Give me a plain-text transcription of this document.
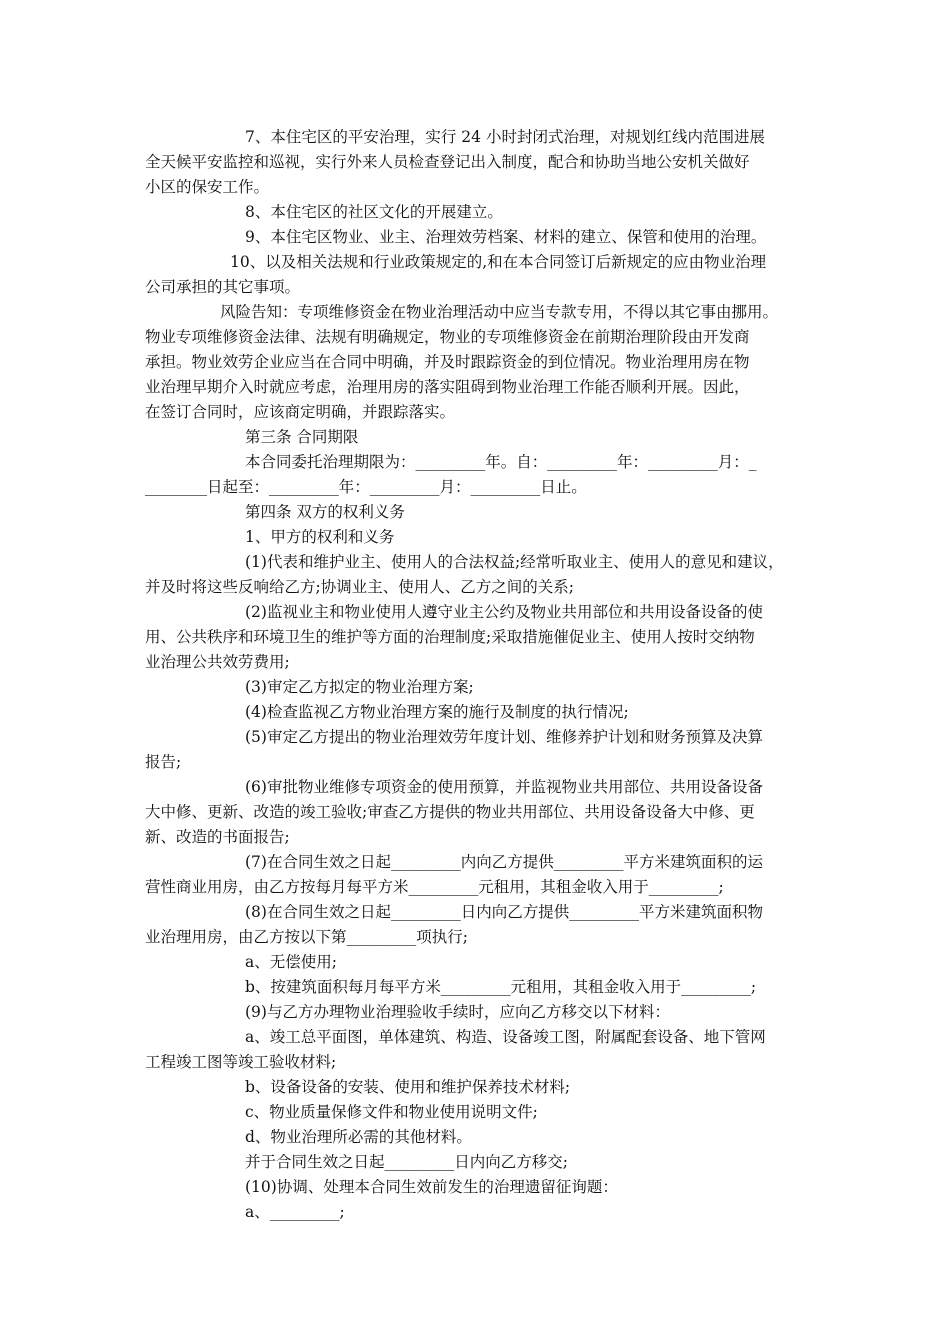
7、本住宅区的平安治理，实行 24 小时封闭式治理，对规划红线内范围进展
全天候平安监控和巡视，实行外来人员检查登记出入制度，配合和协助当地公安机关做好
小区的保安工作。
8、本住宅区的社区文化的开展建立。
9、本住宅区物业、业主、治理效劳档案、材料的建立、保管和使用的治理。
10、以及相关法规和行业政策规定的,和在本合同签订后新规定的应由物业治理
公司承担的其它事项。
风险告知：专项维修资金在物业治理活动中应当专款专用，不得以其它事由挪用。
物业专项维修资金法律、法规有明确规定，物业的专项维修资金在前期治理阶段由开发商
承担。物业效劳企业应当在合同中明确，并及时跟踪资金的到位情况。物业治理用房在物
业治理早期介入时就应考虑，治理用房的落实阻碍到物业治理工作能否顺利开展。因此，
在签订合同时，应该商定明确，并跟踪落实。
第三条 合同期限
本合同委托治理期限为：_________年。自：_________年：_________月：_
________日起至：_________年：_________月：_________日止。
第四条 双方的权利义务
1、甲方的权利和义务
(1)代表和维护业主、使用人的合法权益;经常听取业主、使用人的意见和建议，
并及时将这些反响给乙方;协调业主、使用人、乙方之间的关系;
(2)监视业主和物业使用人遵守业主公约及物业共用部位和共用设备设备的使
用、公共秩序和环境卫生的维护等方面的治理制度;采取措施催促业主、使用人按时交纳物
业治理公共效劳费用;
(3)审定乙方拟定的物业治理方案;
(4)检查监视乙方物业治理方案的施行及制度的执行情况;
(5)审定乙方提出的物业治理效劳年度计划、维修养护计划和财务预算及决算
报告;
(6)审批物业维修专项资金的使用预算，并监视物业共用部位、共用设备设备
大中修、更新、改造的竣工验收;审查乙方提供的物业共用部位、共用设备设备大中修、更
新、改造的书面报告;
(7)在合同生效之日起_________内向乙方提供_________平方米建筑面积的运
营性商业用房，由乙方按每月每平方米_________元租用，其租金收入用于_________;
(8)在合同生效之日起_________日内向乙方提供_________平方米建筑面积物
业治理用房，由乙方按以下第_________项执行;
a、无偿使用;
b、按建筑面积每月每平方米_________元租用，其租金收入用于_________;
(9)与乙方办理物业治理验收手续时，应向乙方移交以下材料：
a、竣工总平面图，单体建筑、构造、设备竣工图，附属配套设备、地下管网
工程竣工图等竣工验收材料;
b、设备设备的安装、使用和维护保养技术材料;
c、物业质量保修文件和物业使用说明文件;
d、物业治理所必需的其他材料。
并于合同生效之日起_________日内向乙方移交;
(10)协调、处理本合同生效前发生的治理遗留征询题：
a、_________;
